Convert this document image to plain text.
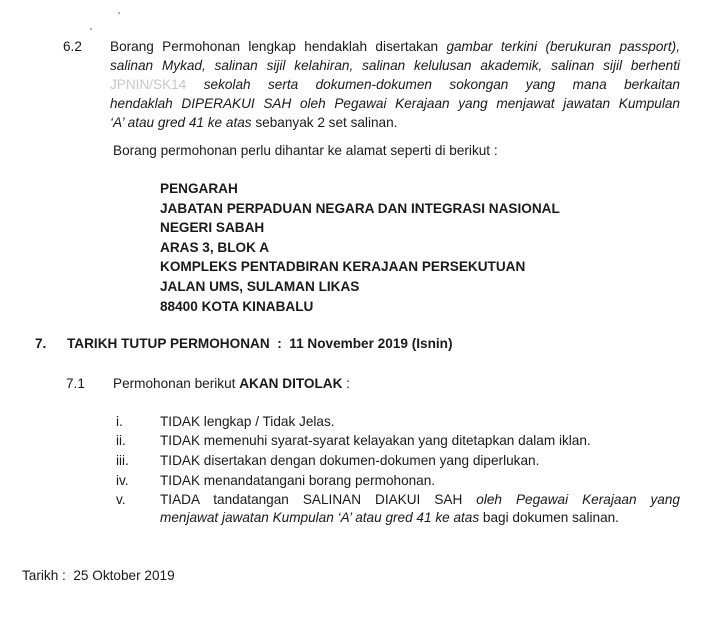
6.2 Borang Permohonan lengkap hendaklah disertakan gambar terkini (berukuran passport),
salinan Mykad, salinan sijil kelahiran, salinan kelulusan akademik, salinan sijil berhenti
JPNIN/SK14 sekolah serta dokumen-dokumen sokongan yang mana berkaitan
hendaklah DIPERAKUI SAH oleh Pegawai Kerajaan yang menjawat jawatan Kumpulan
‘A’ atau gred 41 ke atas sebanyak 2 set salinan.
Borang permohonan perlu dihantar ke alamat seperti di berikut :
PENGARAH
JABATAN PERPADUAN NEGARA DAN INTEGRASI NASIONAL
NEGERI SABAH
ARAS 3, BLOK A
KOMPLEKS PENTADBIRAN KERAJAAN PERSEKUTUAN
JALAN UMS, SULAMAN LIKAS
88400 KOTA KINABALU
7. TARIKH TUTUP PERMOHONAN  :  11 November 2019 (Isnin)
7.1 Permohonan berikut AKAN DITOLAK :
i.	TIDAK lengkap / Tidak Jelas.
ii.	TIDAK memenuhi syarat-syarat kelayakan yang ditetapkan dalam iklan.
iii. TIDAK disertakan dengan dokumen-dokumen yang diperlukan.
iv. TIDAK menandatangani borang permohonan.
v.	TIADA tandatangan SALINAN DIAKUI SAH oleh Pegawai Kerajaan yang
menjawat jawatan Kumpulan ‘A’ atau gred 41 ke atas bagi dokumen salinan.
Tarikh :  25 Oktober 2019
